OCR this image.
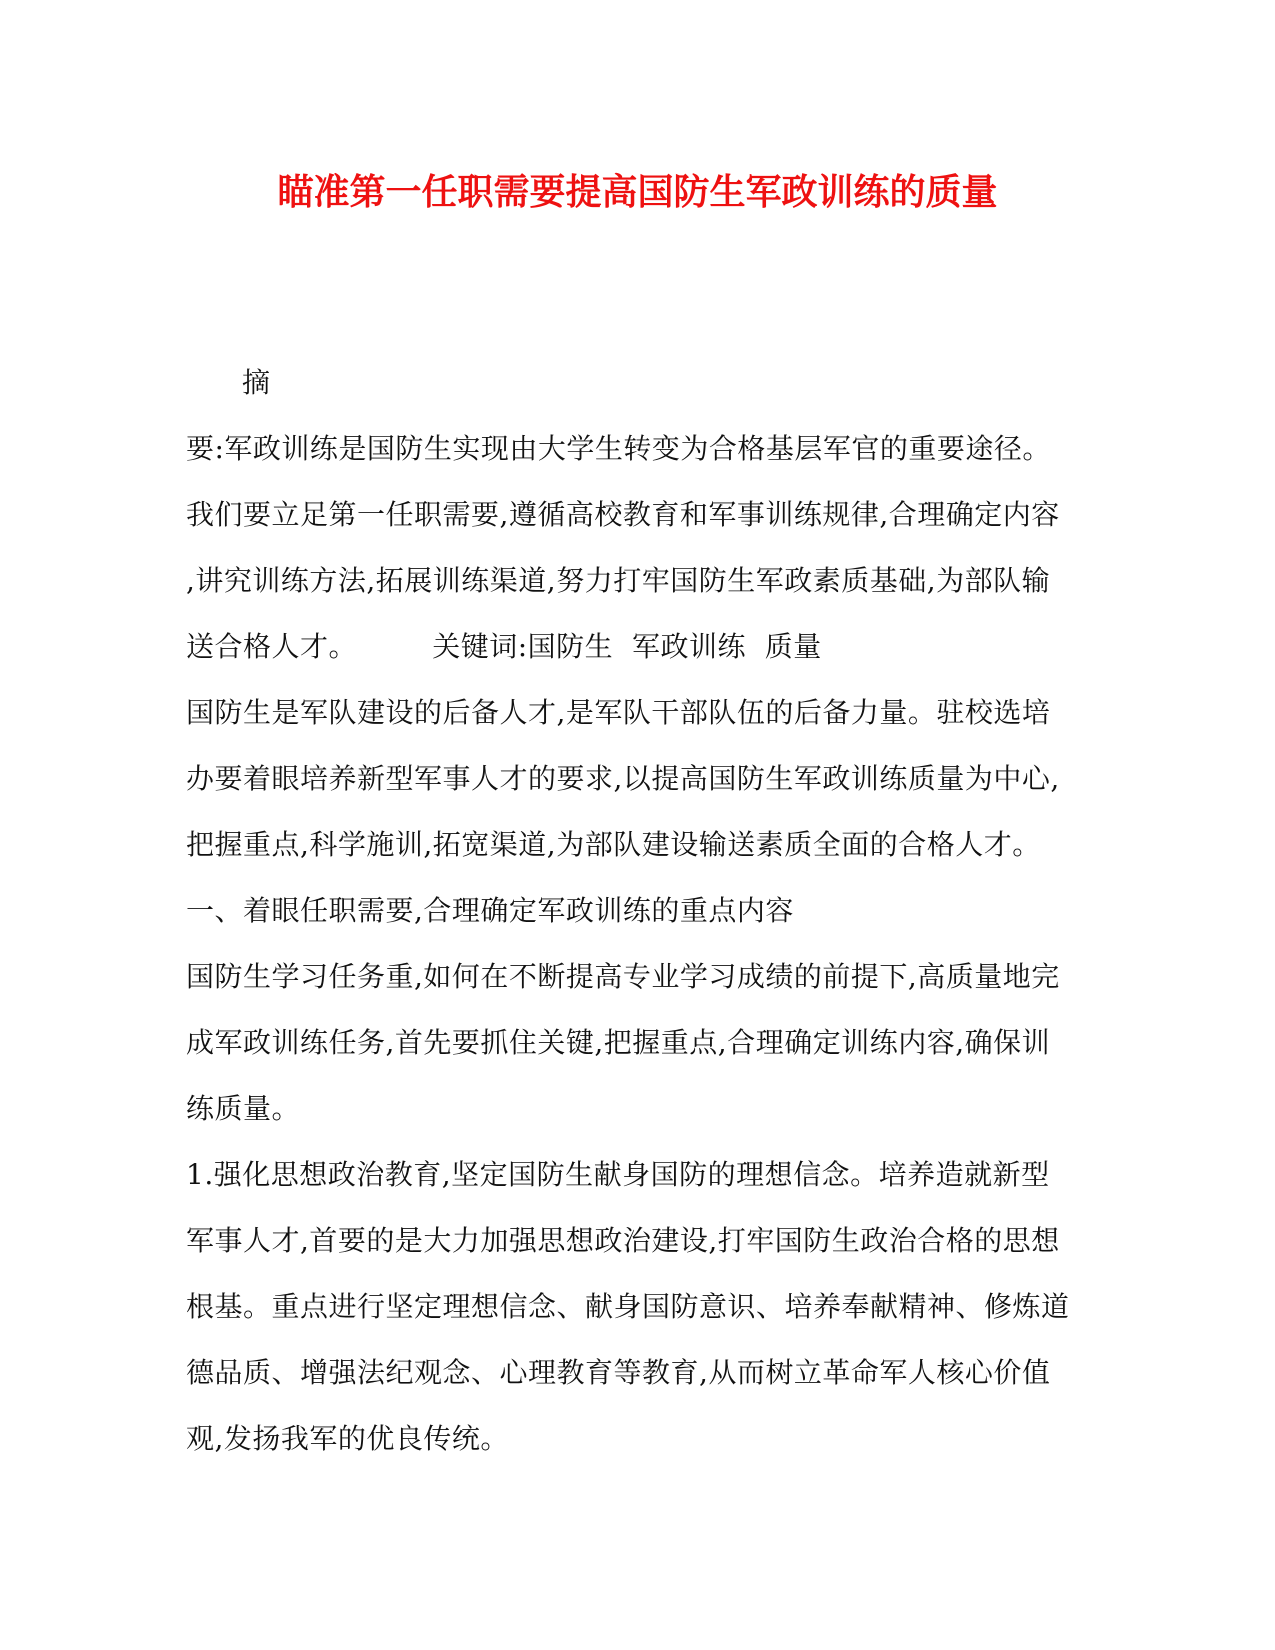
瞄准第一任职需要提高国防生军政训练的质量
摘
要:军政训练是国防生实现由大学生转变为合格基层军官的重要途径。
我们要立足第一任职需要,遵循高校教育和军事训练规律,合理确定内容
,讲究训练方法,拓展训练渠道,努力打牢国防生军政素质基础,为部队输
送合格人才。        关键词:国防生  军政训练  质量
国防生是军队建设的后备人才,是军队干部队伍的后备力量。驻校选培
办要着眼培养新型军事人才的要求,以提高国防生军政训练质量为中心,
把握重点,科学施训,拓宽渠道,为部队建设输送素质全面的合格人才。
一、着眼任职需要,合理确定军政训练的重点内容
国防生学习任务重,如何在不断提高专业学习成绩的前提下,高质量地完
成军政训练任务,首先要抓住关键,把握重点,合理确定训练内容,确保训
练质量。
1.强化思想政治教育,坚定国防生献身国防的理想信念。培养造就新型
军事人才,首要的是大力加强思想政治建设,打牢国防生政治合格的思想
根基。重点进行坚定理想信念、献身国防意识、培养奉献精神、修炼道
德品质、增强法纪观念、心理教育等教育,从而树立革命军人核心价值
观,发扬我军的优良传统。
